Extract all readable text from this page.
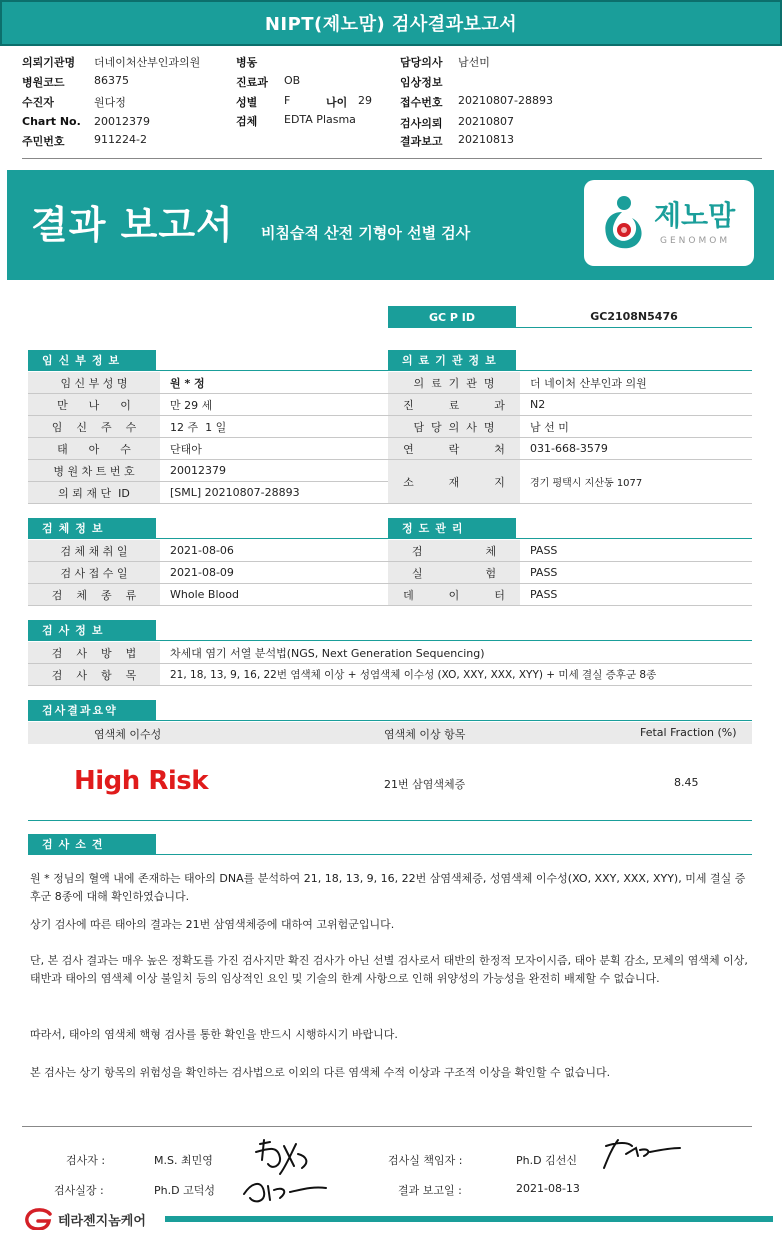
NIPT(제노맘) 검사결과보고서
의뢰기관명 더네이처산부인과의원
병원코드	86375
수진자	원다정
Chart No. 20012379
주민번호	911224-2
병동
진료과 OB
성별 F	나이 29
검체 EDTA Plasma
담당의사 남선미
임상정보
접수번호 20210807-28893
검사의뢰 20210807
결과보고 20210813
결과 보고서 비침습적 산전 기형아 선별 검사
제노맘
GENOMOM
GC P ID	GC2108N5476
임신부정보
임 신 부 성 명	원 * 정
만      나      이	만 29 세
임    신    주    수	12 주  1 일
태      아      수	단태아
병 원 차 트 번 호	20012379
의 뢰 재 단  ID	[SML] 20210807-28893
의료기관정보
의  료  기  관  명	더 네이처 산부인과 의원
진          료          과	N2
담  당  의  사  명	남 선 미
연          락          처	031-668-3579
소          재          지	경기 평택시 지산동 1077
검체정보
검 체 채 취 일	2021-08-06
검 사 접 수 일	2021-08-09
검    체    종    류	Whole Blood
정도관리
검                  체	PASS
실                  험	PASS
데          이          터	PASS
검사정보
검    사    방    법	차세대 염기 서열 분석법(NGS, Next Generation Sequencing)
검    사    항    목	21, 18, 13, 9, 16, 22번 염색체 이상 + 성염색체 이수성 (XO, XXY, XXX, XYY) + 미세 결실 증후군 8종
검사결과요약
염색체 이수성	염색체 이상 항목	Fetal Fraction (%)
High Risk	21번 삼염색체증	8.45
검사소견

원 * 정님의 혈액 내에 존재하는 태아의 DNA를 분석하여 21, 18, 13, 9, 16, 22번 삼염색체증, 성염색체 이수성(XO, XXY, XXX, XYY), 미세 결실 증후군 8종에 대해 확인하였습니다.

상기 검사에 따른 태아의 결과는 21번 삼염색체증에 대하여 고위험군입니다.

단, 본 검사 결과는 매우 높은 정확도를 가진 검사지만 확진 검사가 아닌 선별 검사로서 태반의 한정적 모자이시즘, 태아 분획 감소, 모체의 염색체 이상, 태반과 태아의 염색체 이상 불일치 등의 임상적인 요인 및 기술의 한계 사항으로 인해 위양성의 가능성을 완전히 배제할 수 없습니다.

따라서, 태아의 염색체 핵형 검사를 통한 확인을 반드시 시행하시기 바랍니다.

본 검사는 상기 항목의 위험성을 확인하는 검사법으로 이외의 다른 염색체 수적 이상과 구조적 이상을 확인할 수 없습니다.

검사자 :	M.S. 최민영	검사실 책임자 :	Ph.D 김선신
검사실장 :	Ph.D 고덕성	결과 보고일 :	2021-08-13
테라젠지놈케어
